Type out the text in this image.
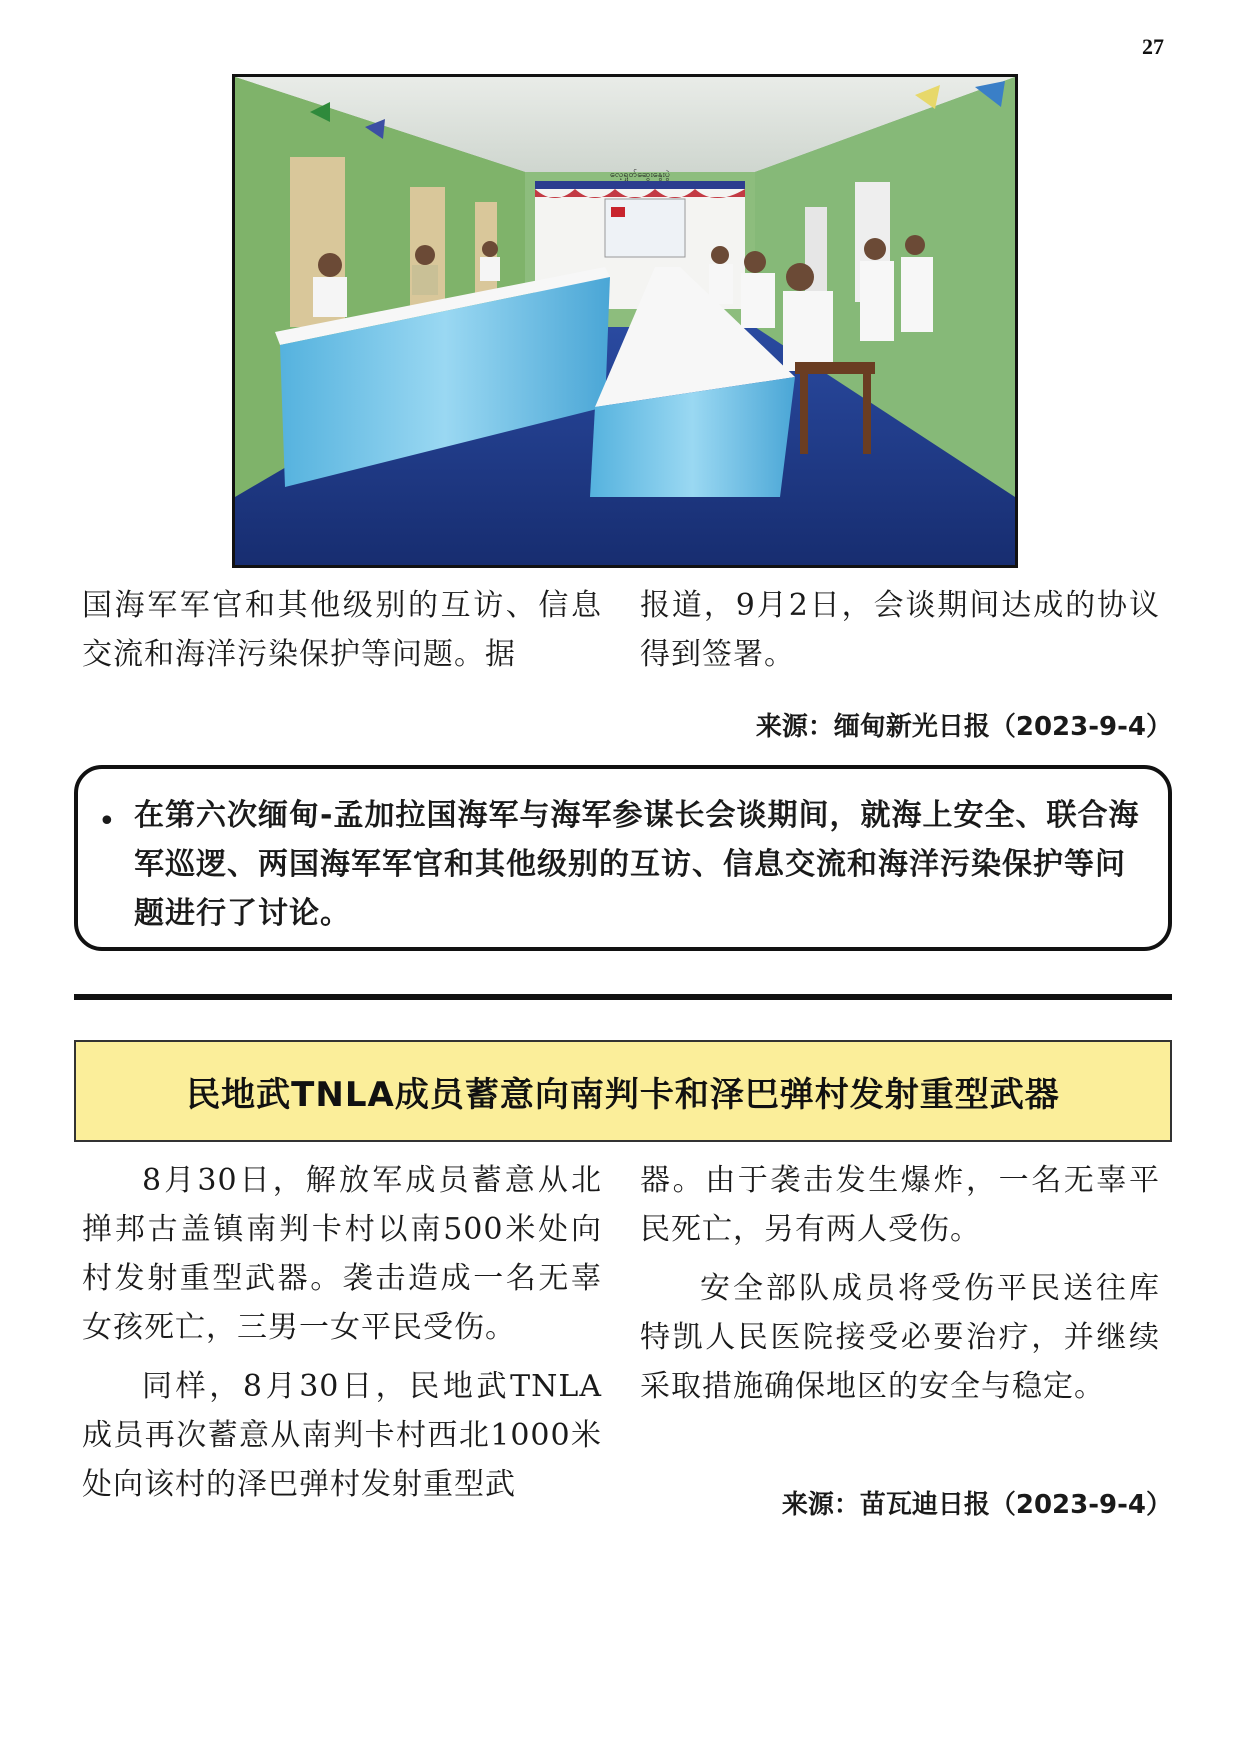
27
လေ့ရှုတ်ဆွေးနွေးပွဲ

国海军军官和其他级别的互访、信息交流和海洋污染保护等问题。据

报道，9月2日，会谈期间达成的协议得到签署。

来源：缅甸新光日报（2023-9-4）
• 在第六次缅甸-孟加拉国海军与海军参谋长会谈期间，就海上安全、联合海军巡逻、两国海军军官和其他级别的互访、信息交流和海洋污染保护等问题进行了讨论。
民地武TNLA成员蓄意向南判卡和泽巴弹村发射重型武器

8月30日，解放军成员蓄意从北掸邦古盖镇南判卡村以南500米处向村发射重型武器。袭击造成一名无辜女孩死亡，三男一女平民受伤。

同样，8月30日，民地武TNLA成员再次蓄意从南判卡村西北1000米处向该村的泽巴弹村发射重型武

器。由于袭击发生爆炸，一名无辜平民死亡，另有两人受伤。

安全部队成员将受伤平民送往库特凯人民医院接受必要治疗，并继续采取措施确保地区的安全与稳定。

来源：苗瓦迪日报（2023-9-4）
